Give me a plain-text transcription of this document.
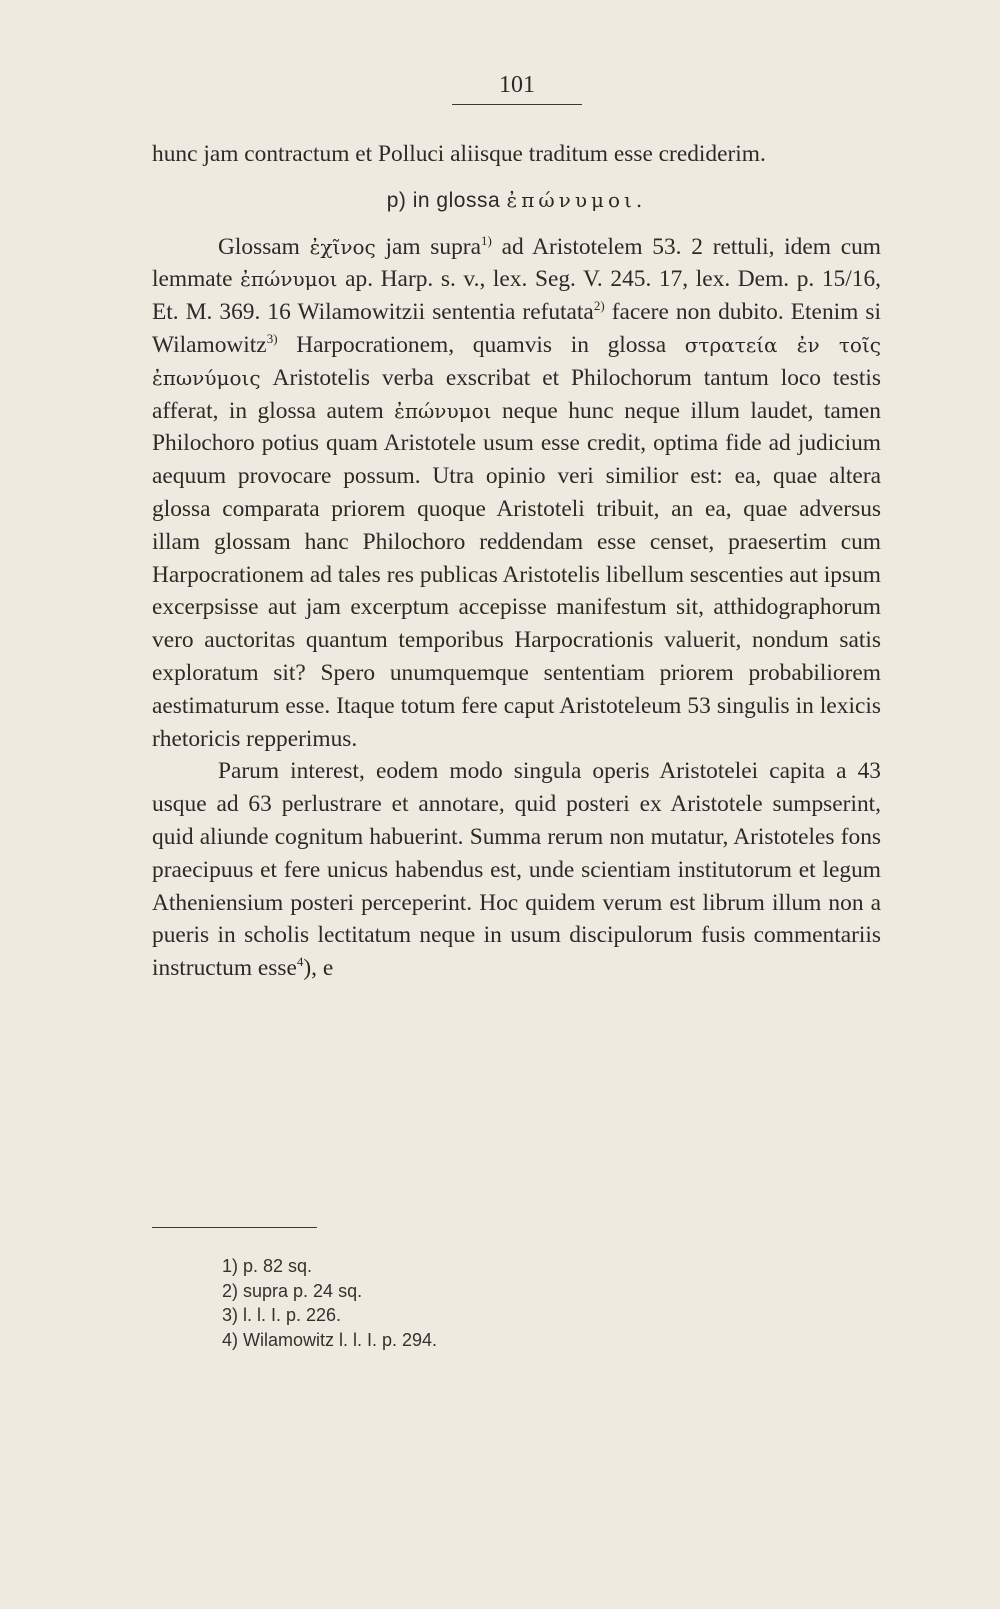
101

hunc jam contractum et Polluci aliisque traditum esse crediderim.

p) in glossa ἐπώνυμοι.

Glossam ἐχῖνος jam supra$^{1)}$ ad Aristotelem 53. 2 rettuli, idem cum lemmate ἐπώνυμοι ap. Harp. s. v., lex. Seg. V. 245. 17, lex. Dem. p. 15/16, Et. M. 369. 16 Wilamowitzii sententia refutata$^{2)}$ facere non dubito. Etenim si Wilamowitz$^{3)}$ Harpocrationem, quamvis in glossa στρατεία ἐν τοῖς ἐπωνύμοις Aristotelis verba exscribat et Philochorum tantum loco testis afferat, in glossa autem ἐπώνυμοι neque hunc neque illum laudet, tamen Philochoro potius quam Aristotele usum esse credit, optima fide ad judicium aequum provocare possum. Utra opinio veri similior est: ea, quae altera glossa comparata priorem quoque Aristoteli tribuit, an ea, quae adversus illam glossam hanc Philochoro reddendam esse censet, praesertim cum Harpocrationem ad tales res publicas Aristotelis libellum sescenties aut ipsum excerpsisse aut jam excerptum accepisse manifestum sit, atthidographorum vero auctoritas quantum temporibus Harpocrationis valuerit, nondum satis exploratum sit? Spero unumquemque sententiam priorem probabiliorem aestimaturum esse. Itaque totum fere caput Aristoteleum 53 singulis in lexicis rhetoricis repperimus.

Parum interest, eodem modo singula operis Aristotelei capita a 43 usque ad 63 perlustrare et annotare, quid posteri ex Aristotele sumpserint, quid aliunde cognitum habuerint. Summa rerum non mutatur, Aristoteles fons praecipuus et fere unicus habendus est, unde scientiam institutorum et legum Atheniensium posteri perceperint. Hoc quidem verum est librum illum non a pueris in scholis lectitatum neque in usum discipulorum fusis commentariis instructum esse$^4$), e

1) p. 82 sq.
2) supra p. 24 sq.
3) l. l. I. p. 226.
4) Wilamowitz l. l. I. p. 294.
